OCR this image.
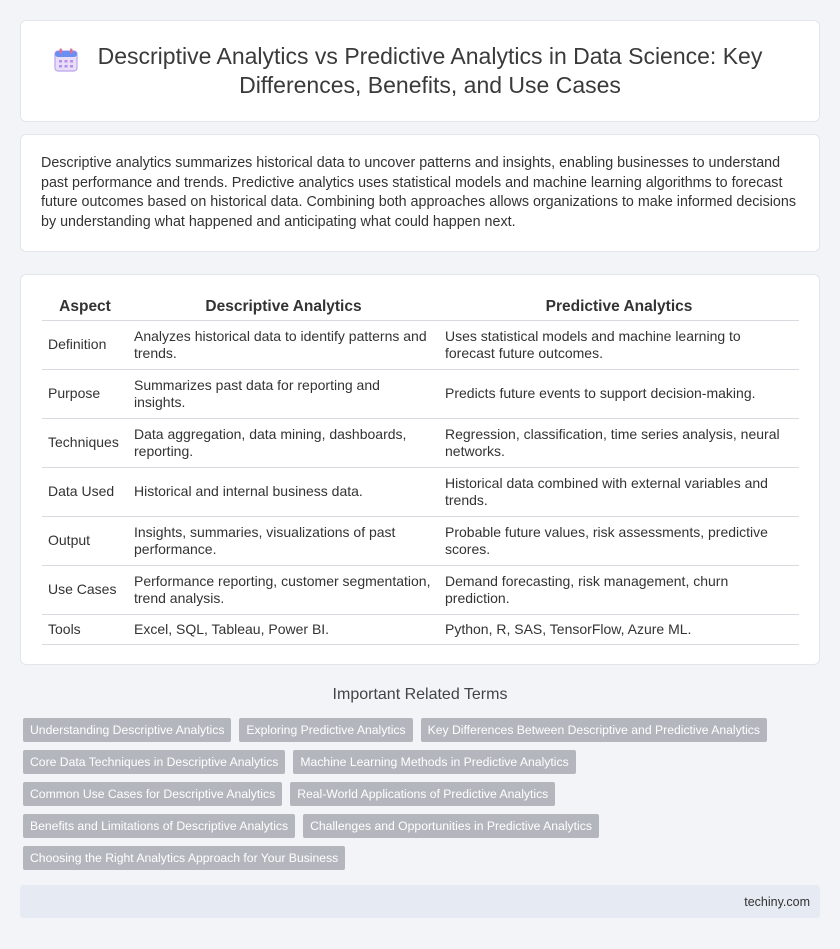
Descriptive Analytics vs Predictive Analytics in Data Science: Key Differences, Benefits, and Use Cases

Descriptive analytics summarizes historical data to uncover patterns and insights, enabling businesses to understand past performance and trends. Predictive analytics uses statistical models and machine learning algorithms to forecast future outcomes based on historical data. Combining both approaches allows organizations to make informed decisions by understanding what happened and anticipating what could happen next.

Aspect	Descriptive Analytics	Predictive Analytics
Definition	Analyzes historical data to identify patterns and trends.	Uses statistical models and machine learning to forecast future outcomes.
Purpose	Summarizes past data for reporting and insights.	Predicts future events to support decision-making.
Techniques	Data aggregation, data mining, dashboards, reporting.	Regression, classification, time series analysis, neural networks.
Data Used	Historical and internal business data.	Historical data combined with external variables and trends.
Output	Insights, summaries, visualizations of past performance.	Probable future values, risk assessments, predictive scores.
Use Cases	Performance reporting, customer segmentation, trend analysis.	Demand forecasting, risk management, churn prediction.
Tools	Excel, SQL, Tableau, Power BI.	Python, R, SAS, TensorFlow, Azure ML.
Important Related Terms
Understanding Descriptive Analytics	Exploring Predictive Analytics	Key Differences Between Descriptive and Predictive Analytics
Core Data Techniques in Descriptive Analytics	Machine Learning Methods in Predictive Analytics
Common Use Cases for Descriptive Analytics	Real-World Applications of Predictive Analytics
Benefits and Limitations of Descriptive Analytics	Challenges and Opportunities in Predictive Analytics
Choosing the Right Analytics Approach for Your Business
techiny.com
